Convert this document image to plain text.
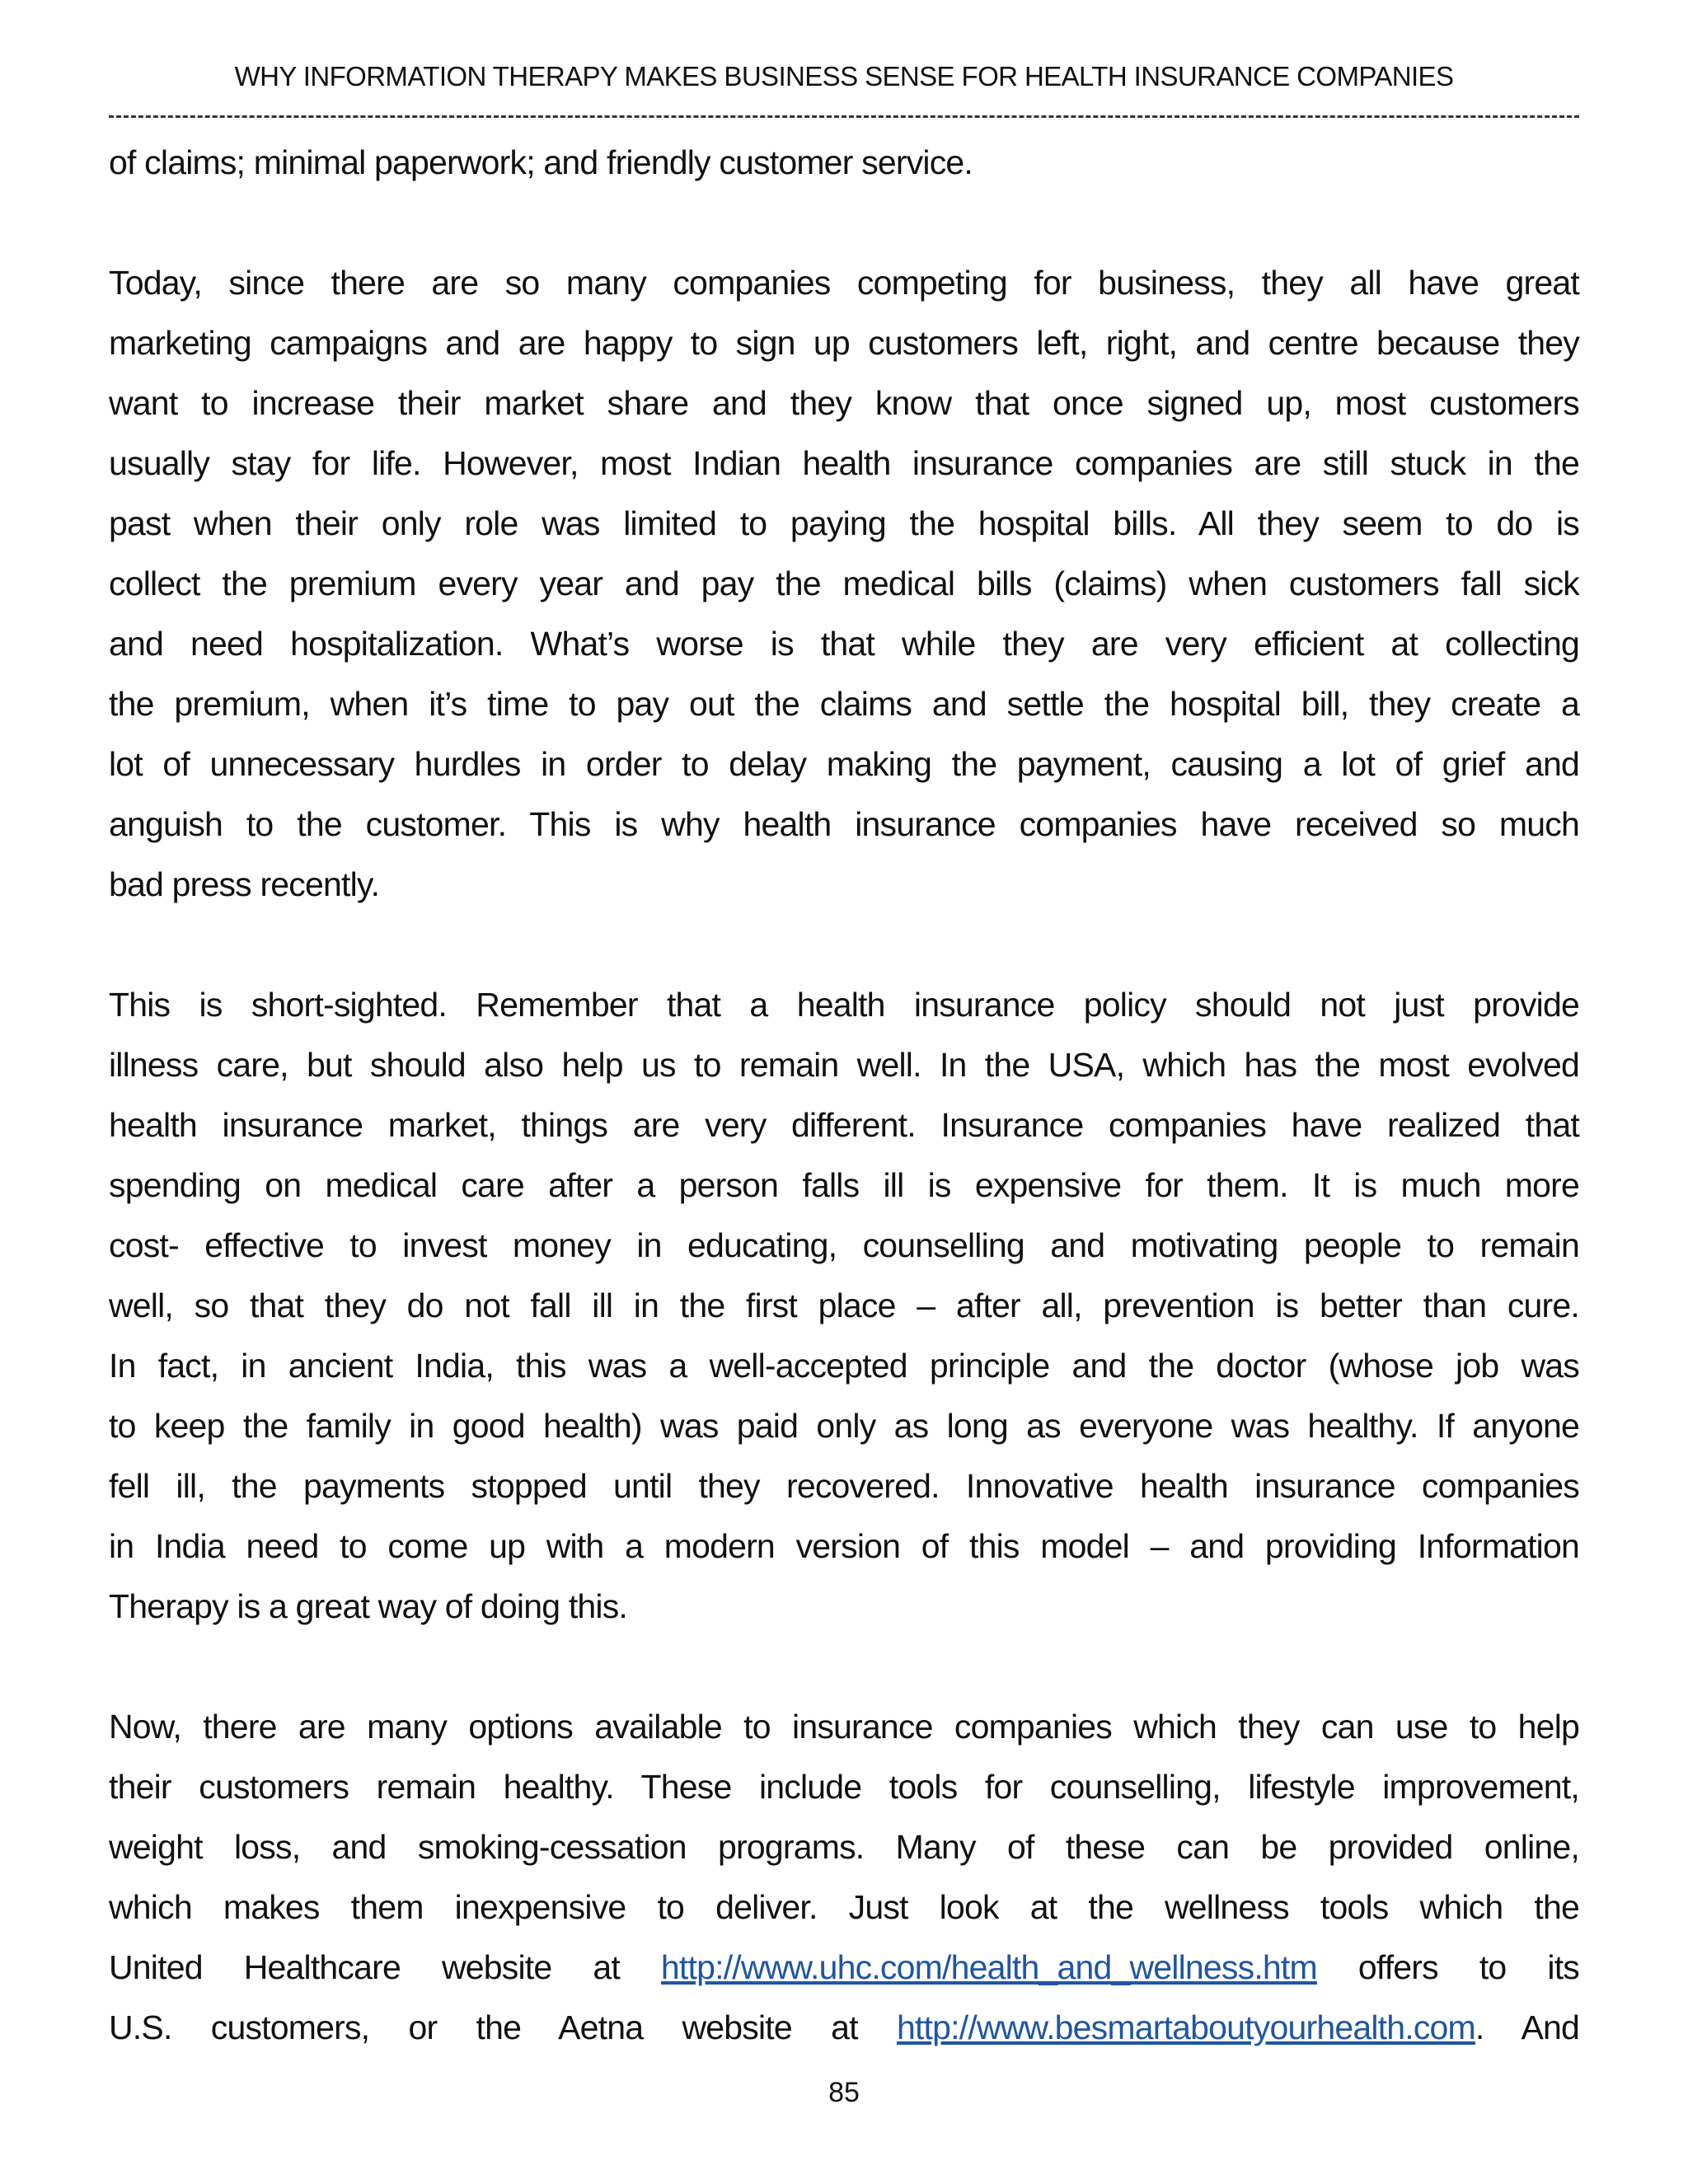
WHY INFORMATION THERAPY MAKES BUSINESS SENSE FOR HEALTH INSURANCE COMPANIES
of claims; minimal paperwork; and friendly customer service.
Today, since there are so many companies competing for business, they all have great
marketing campaigns and are happy to sign up customers left, right, and centre because they
want to increase their market share and they know that once signed up, most customers
usually stay for life. However, most Indian health insurance companies are still stuck in the
past when their only role was limited to paying the hospital bills. All they seem to do is
collect the premium every year and pay the medical bills (claims) when customers fall sick
and need hospitalization. What’s worse is that while they are very efficient at collecting
the premium, when it’s time to pay out the claims and settle the hospital bill, they create a
lot of unnecessary hurdles in order to delay making the payment, causing a lot of grief and
anguish to the customer. This is why health insurance companies have received so much
bad press recently.
This is short-sighted. Remember that a health insurance policy should not just provide
illness care, but should also help us to remain well. In the USA, which has the most evolved
health insurance market, things are very different. Insurance companies have realized that
spending on medical care after a person falls ill is expensive for them. It is much more
cost- effective to invest money in educating, counselling and motivating people to remain
well, so that they do not fall ill in the first place – after all, prevention is better than cure.
In fact, in ancient India, this was a well-accepted principle and the doctor (whose job was
to keep the family in good health) was paid only as long as everyone was healthy. If anyone
fell ill, the payments stopped until they recovered. Innovative health insurance companies
in India need to come up with a modern version of this model – and providing Information
Therapy is a great way of doing this.
Now, there are many options available to insurance companies which they can use to help
their customers remain healthy. These include tools for counselling, lifestyle improvement,
weight loss, and smoking-cessation programs. Many of these can be provided online,
which makes them inexpensive to deliver. Just look at the wellness tools which the
United Healthcare website at http://www.uhc.com/health_and_wellness.htm offers to its
U.S. customers, or the Aetna website at http://www.besmartaboutyourhealth.com. And
85
